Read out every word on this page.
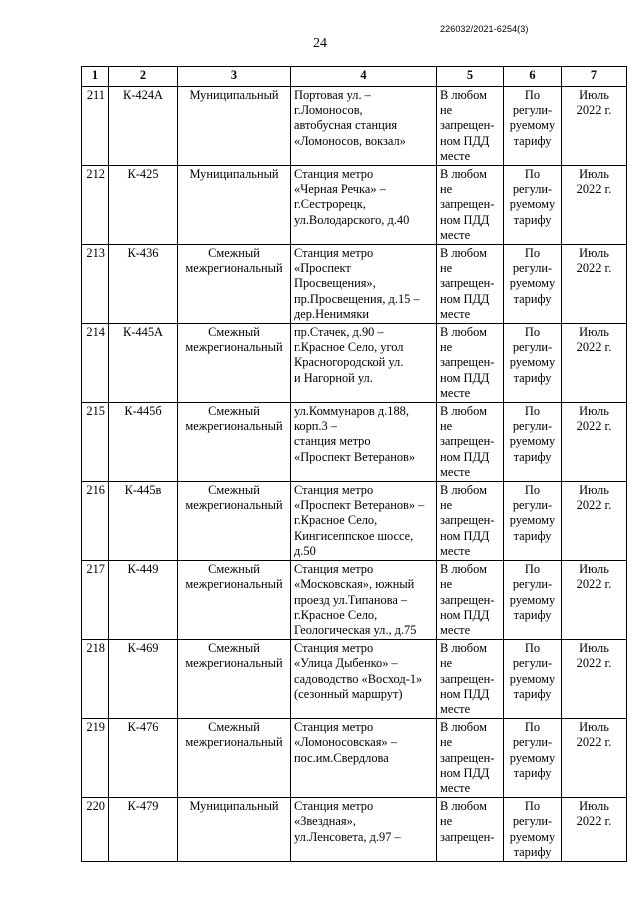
226032/2021-6254(3)
24
1	2	3	4	5	6	7
211	К-424А	Муниципальный	Портовая ул. –
г.Ломоносов,
автобусная станция
«Ломоносов, вокзал»	В любом
не
запрещен-
ном ПДД
месте	По
регули-
руемому
тарифу	Июль
2022 г.
212	К-425	Муниципальный	Станция метро
«Черная Речка» –
г.Сестрорецк,
ул.Володарского, д.40	В любом
не
запрещен-
ном ПДД
месте	По
регули-
руемому
тарифу	Июль
2022 г.
213	К-436	Смежный
межрегиональный	Станция метро
«Проспект
Просвещения»,
пр.Просвещения, д.15 –
дер.Ненимяки	В любом
не
запрещен-
ном ПДД
месте	По
регули-
руемому
тарифу	Июль
2022 г.
214	К-445А	Смежный
межрегиональный	пр.Стачек, д.90 –
г.Красное Село, угол
Красногородской ул.
и Нагорной ул.	В любом
не
запрещен-
ном ПДД
месте	По
регули-
руемому
тарифу	Июль
2022 г.
215	К-445б	Смежный
межрегиональный	ул.Коммунаров д.188,
корп.3 –
станция метро
«Проспект Ветеранов»	В любом
не
запрещен-
ном ПДД
месте	По
регули-
руемому
тарифу	Июль
2022 г.
216	К-445в	Смежный
межрегиональный	Станция метро
«Проспект Ветеранов» –
г.Красное Село,
Кингисеппское шоссе,
д.50	В любом
не
запрещен-
ном ПДД
месте	По
регули-
руемому
тарифу	Июль
2022 г.
217	К-449	Смежный
межрегиональный	Станция метро
«Московская», южный
проезд ул.Типанова –
г.Красное Село,
Геологическая ул., д.75	В любом
не
запрещен-
ном ПДД
месте	По
регули-
руемому
тарифу	Июль
2022 г.
218	К-469	Смежный
межрегиональный	Станция метро
«Улица Дыбенко» –
садоводство «Восход-1»
(сезонный маршрут)	В любом
не
запрещен-
ном ПДД
месте	По
регули-
руемому
тарифу	Июль
2022 г.
219	К-476	Смежный
межрегиональный	Станция метро
«Ломоносовская» –
пос.им.Свердлова	В любом
не
запрещен-
ном ПДД
месте	По
регули-
руемому
тарифу	Июль
2022 г.
220	К-479	Муниципальный	Станция метро
«Звездная»,
ул.Ленсовета, д.97 –	В любом
не
запрещен-	По
регули-
руемому
тарифу	Июль
2022 г.
